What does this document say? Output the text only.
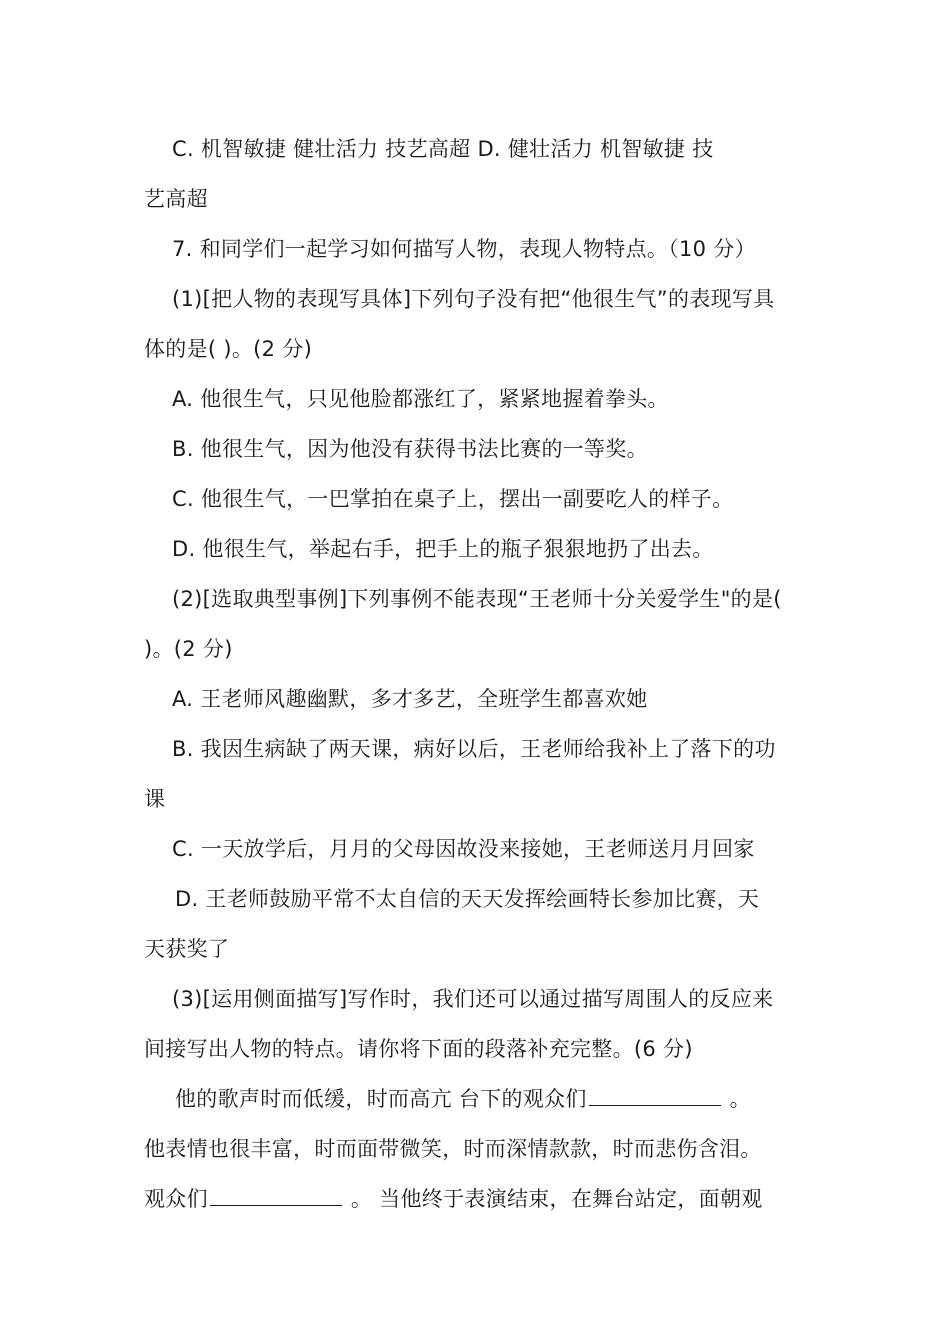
C. 机智敏捷 健壮活力 技艺高超 D. 健壮活力 机智敏捷 技
艺高超
7. 和同学们一起学习如何描写人物，表现人物特点。（10 分）
(1)[把人物的表现写具体]下列句子没有把“他很生气”的表现写具
体的是( )。(2 分)
A. 他很生气，只见他脸都涨红了，紧紧地握着拳头。
B. 他很生气，因为他没有获得书法比赛的一等奖。
C. 他很生气，一巴掌拍在桌子上，摆出一副要吃人的样子。
D. 他很生气，举起右手，把手上的瓶子狠狠地扔了出去。
(2)[选取典型事例]下列事例不能表现“王老师十分关爱学生"的是(
)。(2 分)
A. 王老师风趣幽默，多才多艺，全班学生都喜欢她
B. 我因生病缺了两天课，病好以后，王老师给我补上了落下的功
课
C. 一天放学后，月月的父母因故没来接她，王老师送月月回家
D. 王老师鼓励平常不太自信的天天发挥绘画特长参加比赛，天
天获奖了
(3)[运用侧面描写]写作时，我们还可以通过描写周围人的反应来
间接写出人物的特点。请你将下面的段落补充完整。(6 分)
他的歌声时而低缓，时而高亢 台下的观众们	。
他表情也很丰富，时而面带微笑，时而深情款款，时而悲伤含泪。
观众们	。 当他终于表演结束，在舞台站定，面朝观
